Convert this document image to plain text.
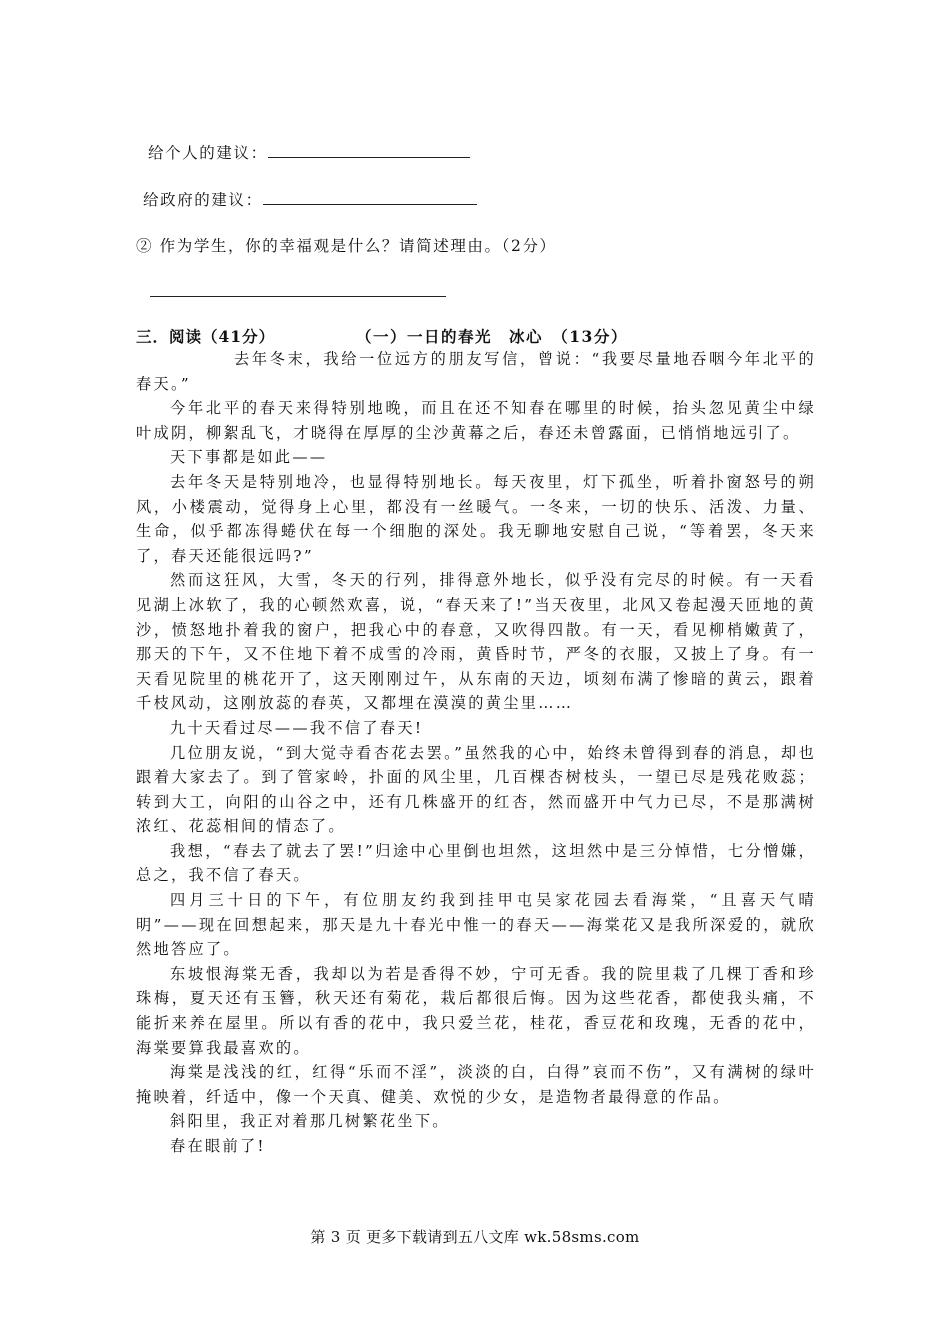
给个人的建议：
给政府的建议：
② 作为学生，你的幸福观是什么？请简述理由。（2分）
三．阅读（41分）	（一）一日的春光　冰心　（13分）
去年冬末，我给一位远方的朋友写信，曾说：“我要尽量地吞咽今年北平的春天。”
今年北平的春天来得特别地晚，而且在还不知春在哪里的时候，抬头忽见黄尘中绿叶成阴，柳絮乱飞，才晓得在厚厚的尘沙黄幕之后，春还未曾露面，已悄悄地远引了。
天下事都是如此——
去年冬天是特别地冷，也显得特别地长。每天夜里，灯下孤坐，听着扑窗怒号的朔风，小楼震动，觉得身上心里，都没有一丝暖气。一冬来，一切的快乐、活泼、力量、生命，似乎都冻得蜷伏在每一个细胞的深处。我无聊地安慰自己说，“等着罢，冬天来了，春天还能很远吗?”
然而这狂风，大雪，冬天的行列，排得意外地长，似乎没有完尽的时候。有一天看见湖上冰软了，我的心顿然欢喜，说，“春天来了!”当天夜里，北风又卷起漫天匝地的黄沙，愤怒地扑着我的窗户，把我心中的春意，又吹得四散。有一天，看见柳梢嫩黄了，那天的下午，又不住地下着不成雪的冷雨，黄昏时节，严冬的衣服，又披上了身。有一天看见院里的桃花开了，这天刚刚过午，从东南的天边，顷刻布满了惨暗的黄云，跟着千枝风动，这刚放蕊的春英，又都埋在漠漠的黄尘里……
九十天看过尽——我不信了春天!
几位朋友说，“到大觉寺看杏花去罢。”虽然我的心中，始终未曾得到春的消息，却也跟着大家去了。到了管家岭，扑面的风尘里，几百棵杏树枝头，一望已尽是残花败蕊；转到大工，向阳的山谷之中，还有几株盛开的红杏，然而盛开中气力已尽，不是那满树浓红、花蕊相间的情态了。
我想，“春去了就去了罢!”归途中心里倒也坦然，这坦然中是三分悼惜，七分憎嫌，总之，我不信了春天。
四月三十日的下午，有位朋友约我到挂甲屯吴家花园去看海棠，“且喜天气晴明”——现在回想起来，那天是九十春光中惟一的春天——海棠花又是我所深爱的，就欣然地答应了。
东坡恨海棠无香，我却以为若是香得不妙，宁可无香。我的院里栽了几棵丁香和珍珠梅，夏天还有玉簪，秋天还有菊花，栽后都很后悔。因为这些花香，都使我头痛，不能折来养在屋里。所以有香的花中，我只爱兰花，桂花，香豆花和玫瑰，无香的花中，海棠要算我最喜欢的。
海棠是浅浅的红，红得“乐而不淫”，淡淡的白，白得”哀而不伤”，又有满树的绿叶掩映着，纤适中，像一个天真、健美、欢悦的少女，是造物者最得意的作品。
斜阳里，我正对着那几树繁花坐下。
春在眼前了!
第 3 页 更多下载请到五八文库 wk.58sms.com
